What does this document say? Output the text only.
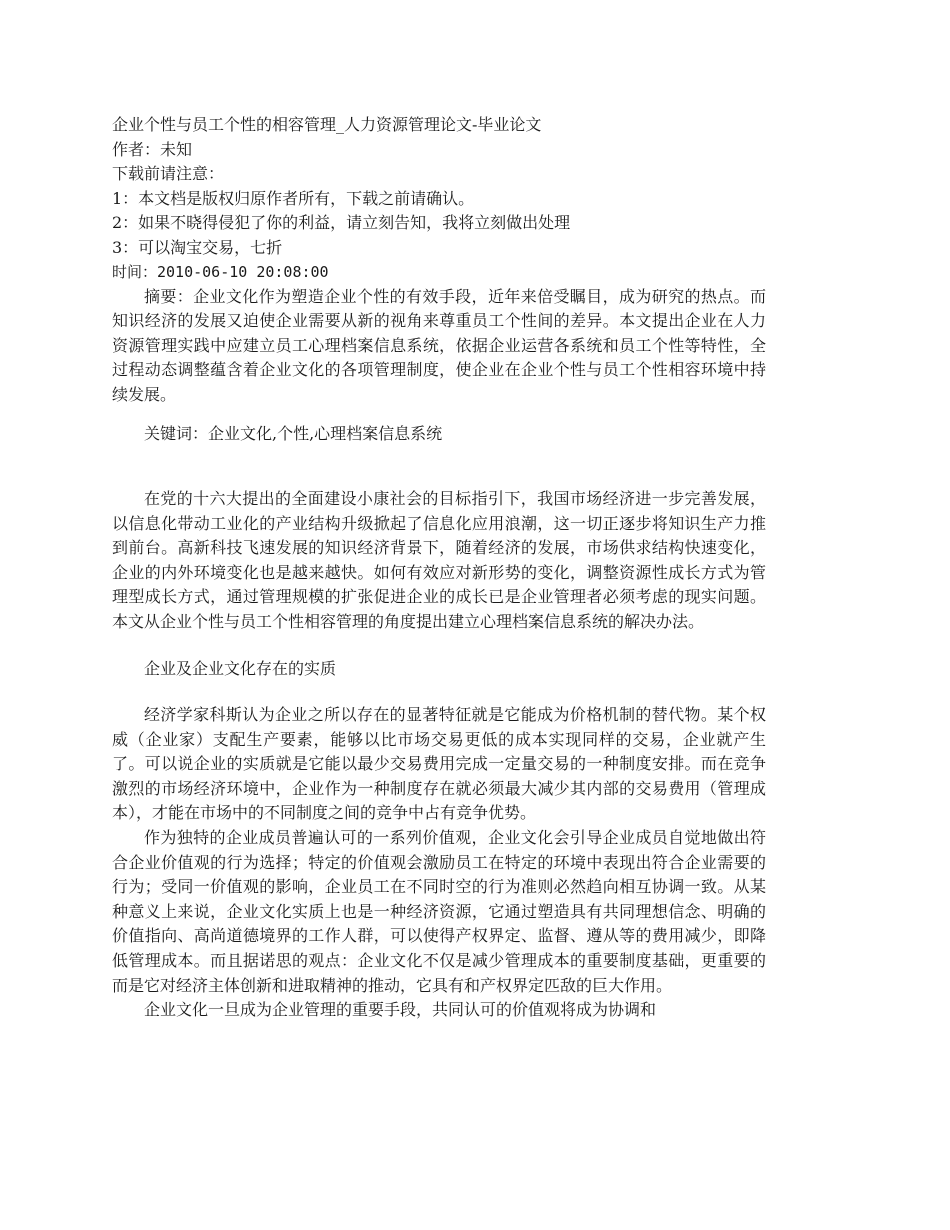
企业个性与员工个性的相容管理_人力资源管理论文-毕业论文
作者：未知
下载前请注意：
1：本文档是版权归原作者所有，下载之前请确认。
2：如果不晓得侵犯了你的利益，请立刻告知，我将立刻做出处理
3：可以淘宝交易，七折
时间：2010-06-10 20:08:00

摘要：企业文化作为塑造企业个性的有效手段，近年来倍受瞩目，成为研究的热点。而知识经济的发展又迫使企业需要从新的视角来尊重员工个性间的差异。本文提出企业在人力资源管理实践中应建立员工心理档案信息系统，依据企业运营各系统和员工个性等特性，全过程动态调整蕴含着企业文化的各项管理制度，使企业在企业个性与员工个性相容环境中持续发展。

关键词：企业文化,个性,心理档案信息系统

在党的十六大提出的全面建设小康社会的目标指引下，我国市场经济进一步完善发展，以信息化带动工业化的产业结构升级掀起了信息化应用浪潮，这一切正逐步将知识生产力推到前台。高新科技飞速发展的知识经济背景下，随着经济的发展，市场供求结构快速变化，企业的内外环境变化也是越来越快。如何有效应对新形势的变化，调整资源性成长方式为管理型成长方式，通过管理规模的扩张促进企业的成长已是企业管理者必须考虑的现实问题。本文从企业个性与员工个性相容管理的角度提出建立心理档案信息系统的解决办法。

企业及企业文化存在的实质

经济学家科斯认为企业之所以存在的显著特征就是它能成为价格机制的替代物。某个权威（企业家）支配生产要素，能够以比市场交易更低的成本实现同样的交易，企业就产生了。可以说企业的实质就是它能以最少交易费用完成一定量交易的一种制度安排。而在竞争激烈的市场经济环境中，企业作为一种制度存在就必须最大减少其内部的交易费用（管理成本），才能在市场中的不同制度之间的竞争中占有竞争优势。

作为独特的企业成员普遍认可的一系列价值观，企业文化会引导企业成员自觉地做出符合企业价值观的行为选择；特定的价值观会激励员工在特定的环境中表现出符合企业需要的行为；受同一价值观的影响，企业员工在不同时空的行为准则必然趋向相互协调一致。从某种意义上来说，企业文化实质上也是一种经济资源，它通过塑造具有共同理想信念、明确的价值指向、高尚道德境界的工作人群，可以使得产权界定、监督、遵从等的费用减少，即降低管理成本。而且据诺思的观点：企业文化不仅是减少管理成本的重要制度基础，更重要的而是它对经济主体创新和进取精神的推动，它具有和产权界定匹敌的巨大作用。

企业文化一旦成为企业管理的重要手段，共同认可的价值观将成为协调和
